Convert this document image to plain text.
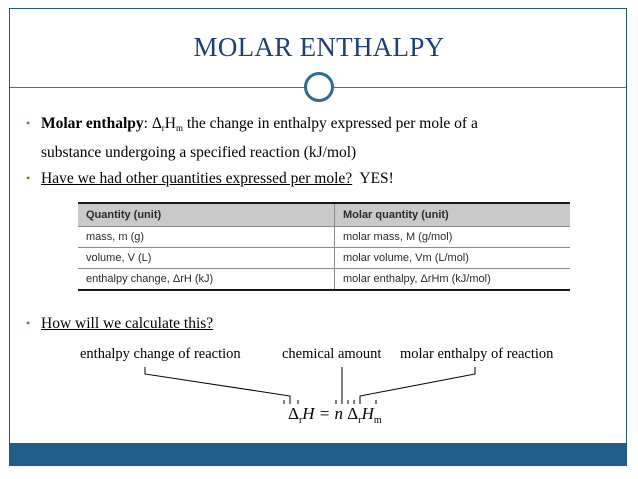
MOLAR ENTHALPY
• Molar enthalpy: $\Delta_rH_m$ the change in enthalpy expressed per mole of a
substance undergoing a specified reaction (kJ/mol)
• Have we had other quantities expressed per mole? YES!
Quantity (unit)	Molar quantity (unit)
mass, m (g)	molar mass, M (g/mol)
volume, V (L)	molar volume, Vm (L/mol)
enthalpy change, ΔrH (kJ)	molar enthalpy, ΔrHm (kJ/mol)
• How will we calculate this?
enthalpy change of reaction	chemical amount molar enthalpy of reaction
$\Delta_rH = n$ $\Delta_rH_m$
